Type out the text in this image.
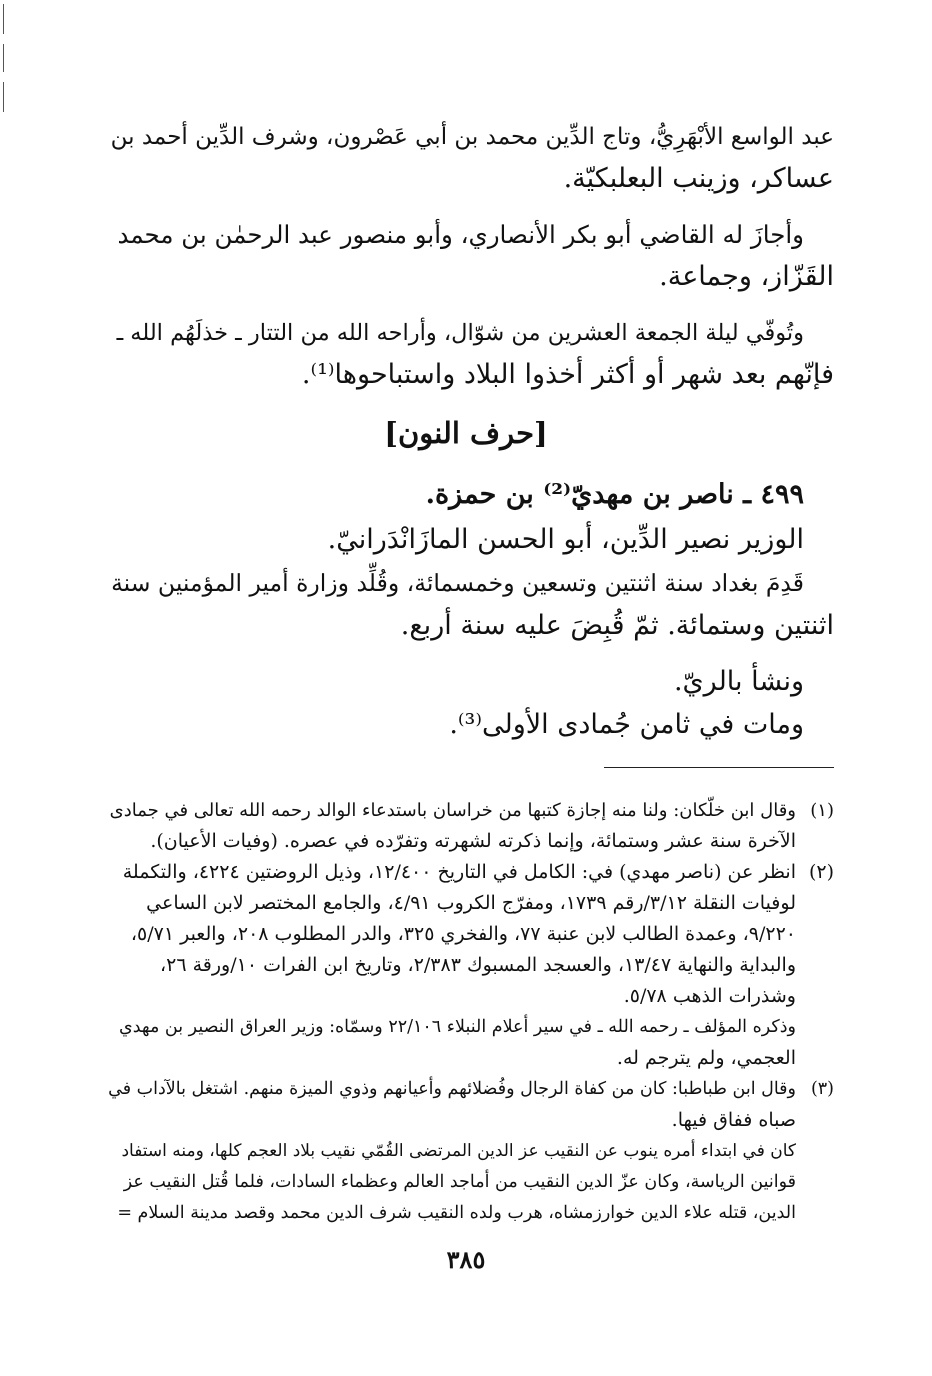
عبد الواسع الأبْهَرِيُّ، وتاج الدِّين محمد بن أبي عَصْرون، وشرف الدِّين أحمد بن
عساكر، وزينب البعلبكيّة.
وأجازَ له القاضي أبو بكر الأنصاري، وأبو منصور عبد الرحمٰن بن محمد
القَزّاز، وجماعة.
وتُوفّي ليلة الجمعة العشرين من شوّال، وأراحه الله من التتار ـ خذلَهُم الله ـ
فإنّهم بعد شهر أو أكثر أخذوا البلاد واستباحوها⁽¹⁾.
[حرف النون]
٤٩٩ ـ ناصر بن مهديّ⁽²⁾ بن حمزة.
الوزير نصير الدِّين، أبو الحسن المازَانْدَرانيّ.
قَدِمَ بغداد سنة اثنتين وتسعين وخمسمائة، وقُلِّد وزارة أمير المؤمنين سنة
اثنتين وستمائة. ثمّ قُبِضَ عليه سنة أربع.
ونشأ بالريّ.
ومات في ثامن جُمادى الأولى⁽³⁾.
(١)وقال ابن خلّكان: ولنا منه إجازة كتبها من خراسان باستدعاء الوالد رحمه الله تعالى في جمادى
الآخرة سنة عشر وستمائة، وإنما ذكرته لشهرته وتفرّده في عصره. (وفيات الأعيان).
(٢)انظر عن (ناصر مهدي) في: الكامل في التاريخ ١٢/٤٠٠، وذيل الروضتين ٤٢٢٤، والتكملة
لوفيات النقلة ٣/١٢/رقم ١٧٣٩، ومفرّج الكروب ٤/٩١، والجامع المختصر لابن الساعي
٩/٢٢٠، وعمدة الطالب لابن عنبة ٧٧، والفخري ٣٢٥، والدر المطلوب ٢٠٨، والعبر ٥/٧١،
والبداية والنهاية ١٣/٤٧، والعسجد المسبوك ٢/٣٨٣، وتاريخ ابن الفرات ١٠/ورقة ٢٦،
وشذرات الذهب ٥/٧٨.
وذكره المؤلف ـ رحمه الله ـ في سير أعلام النبلاء ٢٢/١٠٦ وسمّاه: وزير العراق النصير بن مهدي
العجمي، ولم يترجم له.
(٣)وقال ابن طباطبا: كان من كفاة الرجال وفُضلائهم وأعيانهم وذوي الميزة منهم. اشتغل بالآداب في
صباه ففاق فيها.
كان في ابتداء أمره ينوب عن النقيب عز الدين المرتضى القُمّي نقيب بلاد العجم كلها، ومنه استفاد
قوانين الرياسة، وكان عزّ الدين النقيب من أماجد العالم وعظماء السادات، فلما قُتل النقيب عز
الدين، قتله علاء الدين خوارزمشاه، هرب ولده النقيب شرف الدين محمد وقصد مدينة السلام =
٣٨٥
